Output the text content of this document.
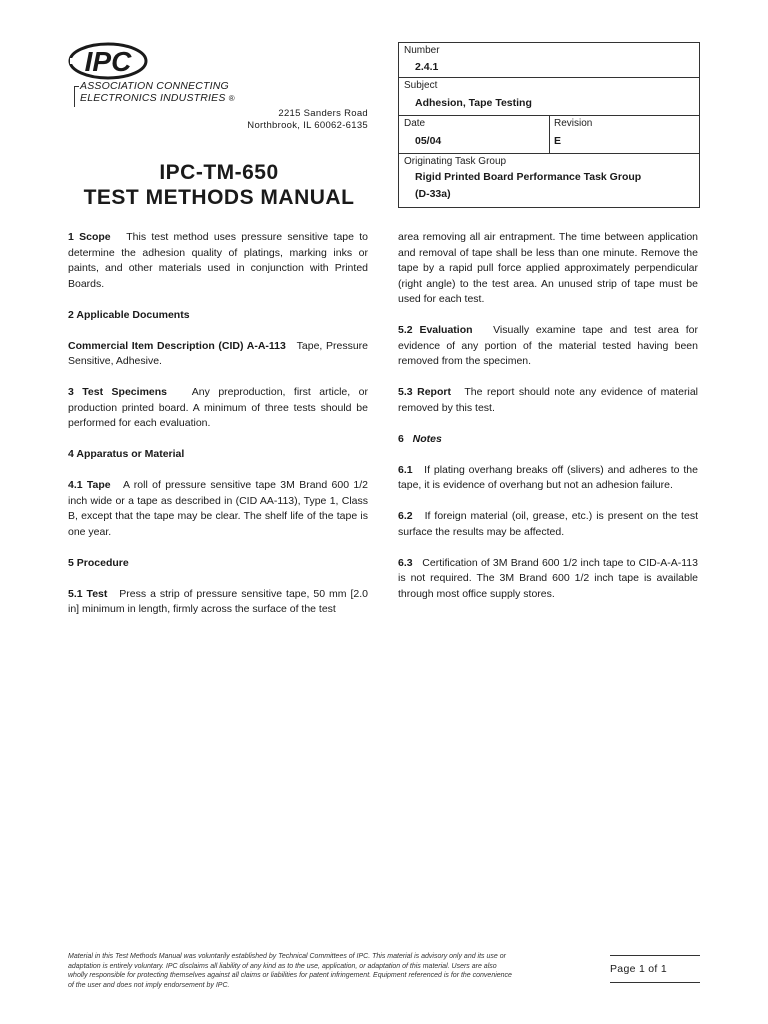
IPC
ASSOCIATION CONNECTING
ELECTRONICS INDUSTRIES ®
2215 Sanders Road
Northbrook, IL 60062-6135
IPC-TM-650
TEST METHODS MANUAL
Number
2.4.1
Subject
Adhesion, Tape Testing
Date
05/04
Revision
E
Originating Task Group
Rigid Printed Board Performance Task Group
(D-33a)

1 Scope This test method uses pressure sensitive tape to determine the adhesion quality of platings, marking inks or paints, and other materials used in conjunction with Printed Boards.

2 Applicable Documents

Commercial Item Description (CID) A-A-113 Tape, Pressure Sensitive, Adhesive.

3 Test Specimens Any preproduction, first article, or production printed board. A minimum of three tests should be performed for each evaluation.

4 Apparatus or Material

4.1 Tape A roll of pressure sensitive tape 3M Brand 600 1/2 inch wide or a tape as described in (CID AA-113), Type 1, Class B, except that the tape may be clear. The shelf life of the tape is one year.

5 Procedure

5.1 Test Press a strip of pressure sensitive tape, 50 mm [2.0 in] minimum in length, firmly across the surface of the test

area removing all air entrapment. The time between application and removal of tape shall be less than one minute. Remove the tape by a rapid pull force applied approximately perpendicular (right angle) to the test area. An unused strip of tape must be used for each test.

5.2 Evaluation Visually examine tape and test area for evidence of any portion of the material tested having been removed from the specimen.

5.3 Report The report should note any evidence of material removed by this test.

6 Notes

6.1 If plating overhang breaks off (slivers) and adheres to the tape, it is evidence of overhang but not an adhesion failure.

6.2 If foreign material (oil, grease, etc.) is present on the test surface the results may be affected.

6.3 Certification of 3M Brand 600 1/2 inch tape to CID-A-A-113 is not required. The 3M Brand 600 1/2 inch tape is available through most office supply stores.

Material in this Test Methods Manual was voluntarily established by Technical Committees of IPC. This material is advisory only and its use or adaptation is entirely voluntary. IPC disclaims all liability of any kind as to the use, application, or adaptation of this material. Users are also wholly responsible for protecting themselves against all claims or liabilities for patent infringement. Equipment referenced is for the convenience of the user and does not imply endorsement by IPC.
Page 1 of 1
